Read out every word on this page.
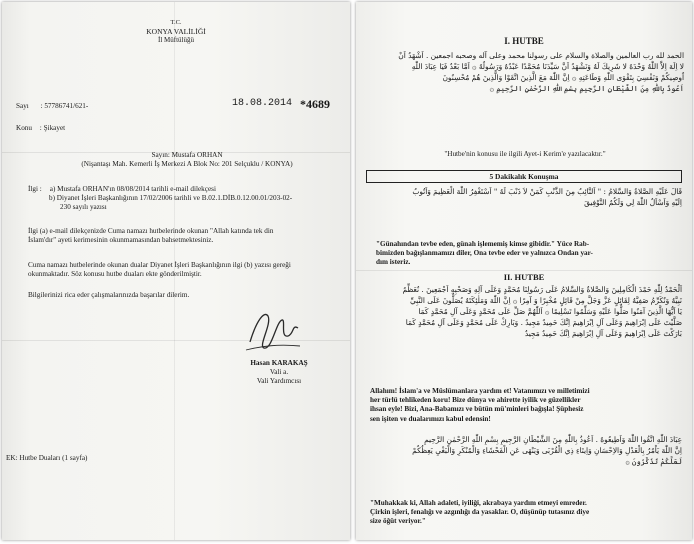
T.C.
KONYA VALİLİĞİ
İl Müftülüğü
Sayı : 57786741/621-	18.08.2014 *4689
Konu : Şikayet
Sayın: Mustafa ORHAN
(Nişantaşı Mah. Kemerli İş Merkezi A Blok No: 201 Selçuklu / KONYA)
İlgi : a) Mustafa ORHAN'ın 08/08/2014 tarihli e-mail dilekçesi
b) Diyanet İşleri Başkanlığının 17/02/2006 tarihli ve B.02.1.DİB.0.12.00.01/203-02-
230 sayılı yazısı
İlgi (a) e-mail dilekçenizde Cuma namazı hutbelerinde okunan "Allah katında tek din
İslam'dır" ayeti kerimesinin okunmamasından bahsetmektesiniz.
Cuma namazı hutbelerinde okunan dualar Diyanet İşleri Başkanlığının ilgi (b) yazısı gereği
okunmaktadır. Söz konusu hutbe duaları ekte gönderilmiştir.
Bilgilerinizi rica eder çalışmalarınızda başarılar dilerim.
Hasan KARAKAŞ
Vali a.
Vali Yardımcısı
EK: Hutbe Duaları (1 sayfa)
I. HUTBE
الحمد لله رب العالمين والصلاة والسلام على رسولنا محمد وعلى آله وصحبه اجمعين . اَشْهَدُ اَنْ
لا اِلَهَ اِلاَّ اللّٰهُ وَحْدَهُ لا شَرِيكَ لَهُ وَنَشْهَدُ اَنَّ سَيِّدَنَا مُحَمَّدًا عَبْدُهُ وَرَسُولُهُ ۞ اَمَّا بَعْدُ فَيَا عِبَادَ اللّٰهِ
اُوصِيكُمْ وَنَفْسِيَ بِتَقْوَى اللّٰهِ وَطَاعَتِهِ ۞ اِنَّ اللّٰهَ مَعَ الَّذِينَ اتَّقَوْا وَالَّذِينَ هُمْ مُحْسِنُونَ
اَعُوذُ بِاللّٰهِ مِنَ الشَّيْطَانِ الرَّجِيمِ بِسْمِ اللّٰهِ الرَّحْمٰنِ الرَّحِيمِ ۞
"Hutbe'nin konusu ile ilgili Ayet-i Kerim'e yazılacaktır."
5 Dakikalık Konuşma
قَالَ عَلَيْهِ الصَّلاةُ وَالسَّلامُ : " اَلتَّائِبُ مِنَ الذَّنْبِ كَمَنْ لاَ ذَنْبَ لَهُ " اَسْتَغْفِرُ اللّٰهَ الْعَظِيمَ وَاَتُوبُ
اِلَيْهِ وَاَسْاَلُ اللّٰهَ لِي وَلَكُمُ التَّوْفِيقَ
"Günahından tevbe eden, günah işlememiş kimse gibidir." Yüce Rab-
bimizden bağışlanmamızı diler, Ona tevbe eder ve yalnızca Ondan yar-
dım isteriz.
II. HUTBE
اَلْحَمْدُ لِلّٰهِ حَمْدَ الْكَامِلِينَ وَالصَّلاةُ وَالسَّلامُ عَلَى رَسُولِنَا مُحَمَّدٍ وَعَلَى آلِهِ وَصَحْبِهِ اَجْمَعِينَ . نُعَظِّمُ
نَبِيَّهُ وَنُكَرِّمُ صَفِيَّهُ لِقَائِلٍ عَزَّ وَجَلَّ مِنْ قَائِلٍ مُخْبِرًا وَ آمِرًا ۞ اِنَّ اللّٰهَ وَمَلٰئِكَتَهُ يُصَلُّونَ عَلَى النَّبِيِّ
يَا اَيُّهَا الَّذِينَ آمَنُوا صَلُّوا عَلَيْهِ وَسَلِّمُوا تَسْلِيمًا ۞ اَللّٰهُمَّ صَلِّ عَلَى مُحَمَّدٍ وَعَلَى آلِ مُحَمَّدٍ كَمَا
صَلَّيْتَ عَلَى اِبْرَاهِيمَ وَعَلَى آلِ اِبْرَاهِيمَ اِنَّكَ حَمِيدٌ مَجِيدٌ . وَبَارِكْ عَلَى مُحَمَّدٍ وَعَلَى آلِ مُحَمَّدٍ كَمَا
بَارَكْتَ عَلَى اِبْرَاهِيمَ وَعَلَى آلِ اِبْرَاهِيمَ اِنَّكَ حَمِيدٌ مَجِيدٌ
Allahım! İslam'a ve Müslümanlara yardım et! Vatanımızı ve milletimizi
her türlü tehlikeden koru! Bize dünya ve ahirette iyilik ve güzellikler
ihsan eyle! Bizi, Ana-Babamızı ve bütün mü'minleri bağışla! Şüphesiz
sen işiten ve dualarımızı kabul edensin!
عِبَادَ اللّٰهِ اتَّقُوا اللّٰهَ وَاَطِيعُوهُ . اَعُوذُ بِاللّٰهِ مِنَ الشَّيْطَانِ الرَّجِيمِ بِسْمِ اللّٰهِ الرَّحْمٰنِ الرَّحِيمِ
اِنَّ اللّٰهَ يَاْمُرُ بِالْعَدْلِ وَالاِحْسَانِ وَاِيتَاءِ ذِي الْقُرْبَى وَيَنْهَى عَنِ الْفَحْشَاءِ وَالْمُنْكَرِ وَالْبَغْيِ يَعِظُكُمْ
لَعَلَّكُمْ تَذَكَّرُونَ ۞
"Muhakkak ki, Allah adaleti, iyiliği, akrabaya yardım etmeyi emreder.
Çirkin işleri, fenalığı ve azgınlığı da yasaklar. O, düşünüp tutasınız diye
size öğüt veriyor."
